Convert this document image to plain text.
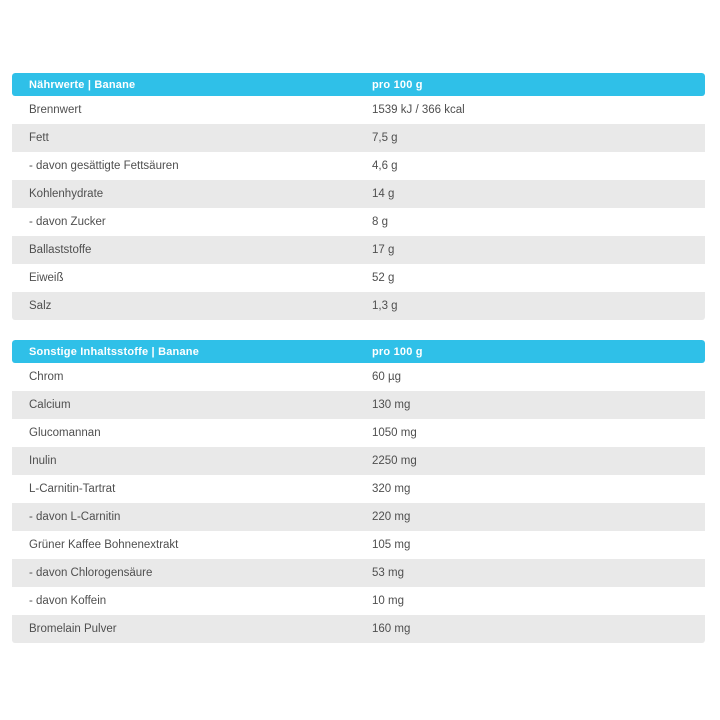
Nährwerte | Banane	pro 100 g
Brennwert	1539 kJ / 366 kcal
Fett	7,5 g
- davon gesättigte Fettsäuren	4,6 g
Kohlenhydrate	14 g
- davon Zucker	8 g
Ballaststoffe	17 g
Eiweiß	52 g
Salz	1,3 g
Sonstige Inhaltsstoffe | Banane	pro 100 g
Chrom	60 µg
Calcium	130 mg
Glucomannan	1050 mg
Inulin	2250 mg
L-Carnitin-Tartrat	320 mg
- davon L-Carnitin	220 mg
Grüner Kaffee Bohnenextrakt	105 mg
- davon Chlorogensäure	53 mg
- davon Koffein	10 mg
Bromelain Pulver	160 mg
